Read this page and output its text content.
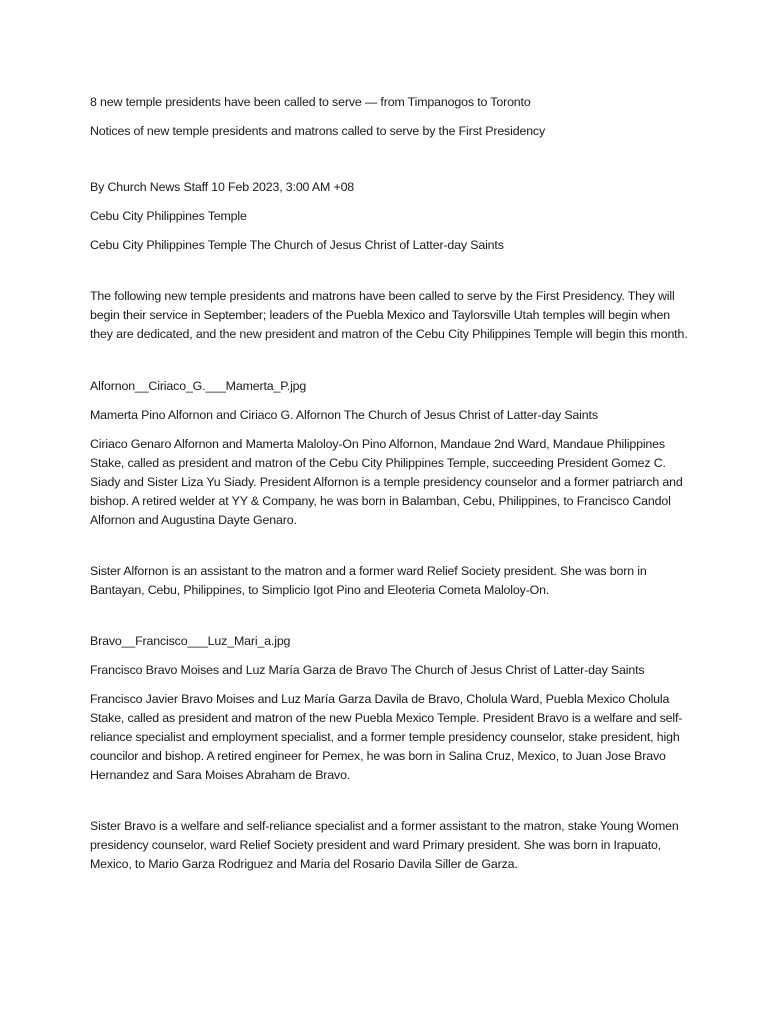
8 new temple presidents have been called to serve — from Timpanogos to Toronto

Notices of new temple presidents and matrons called to serve by the First Presidency

By Church News Staff 10 Feb 2023, 3:00 AM +08

Cebu City Philippines Temple

Cebu City Philippines Temple The Church of Jesus Christ of Latter-day Saints

The following new temple presidents and matrons have been called to serve by the First Presidency. They will begin their service in September; leaders of the Puebla Mexico and Taylorsville Utah temples will begin when they are dedicated, and the new president and matron of the Cebu City Philippines Temple will begin this month.

Alfornon__Ciriaco_G.___Mamerta_P.jpg

Mamerta Pino Alfornon and Ciriaco G. Alfornon The Church of Jesus Christ of Latter-day Saints

Ciriaco Genaro Alfornon and Mamerta Maloloy-On Pino Alfornon, Mandaue 2nd Ward, Mandaue Philippines Stake, called as president and matron of the Cebu City Philippines Temple, succeeding President Gomez C. Siady and Sister Liza Yu Siady. President Alfornon is a temple presidency counselor and a former patriarch and bishop. A retired welder at YY & Company, he was born in Balamban, Cebu, Philippines, to Francisco Candol Alfornon and Augustina Dayte Genaro.

Sister Alfornon is an assistant to the matron and a former ward Relief Society president. She was born in Bantayan, Cebu, Philippines, to Simplicio Igot Pino and Eleoteria Cometa Maloloy-On.

Bravo__Francisco___Luz_Mari_a.jpg

Francisco Bravo Moises and Luz María Garza de Bravo The Church of Jesus Christ of Latter-day Saints

Francisco Javier Bravo Moises and Luz María Garza Davila de Bravo, Cholula Ward, Puebla Mexico Cholula Stake, called as president and matron of the new Puebla Mexico Temple. President Bravo is a welfare and self-reliance specialist and employment specialist, and a former temple presidency counselor, stake president, high councilor and bishop. A retired engineer for Pemex, he was born in Salina Cruz, Mexico, to Juan Jose Bravo Hernandez and Sara Moises Abraham de Bravo.

Sister Bravo is a welfare and self-reliance specialist and a former assistant to the matron, stake Young Women presidency counselor, ward Relief Society president and ward Primary president. She was born in Irapuato, Mexico, to Mario Garza Rodriguez and Maria del Rosario Davila Siller de Garza.
